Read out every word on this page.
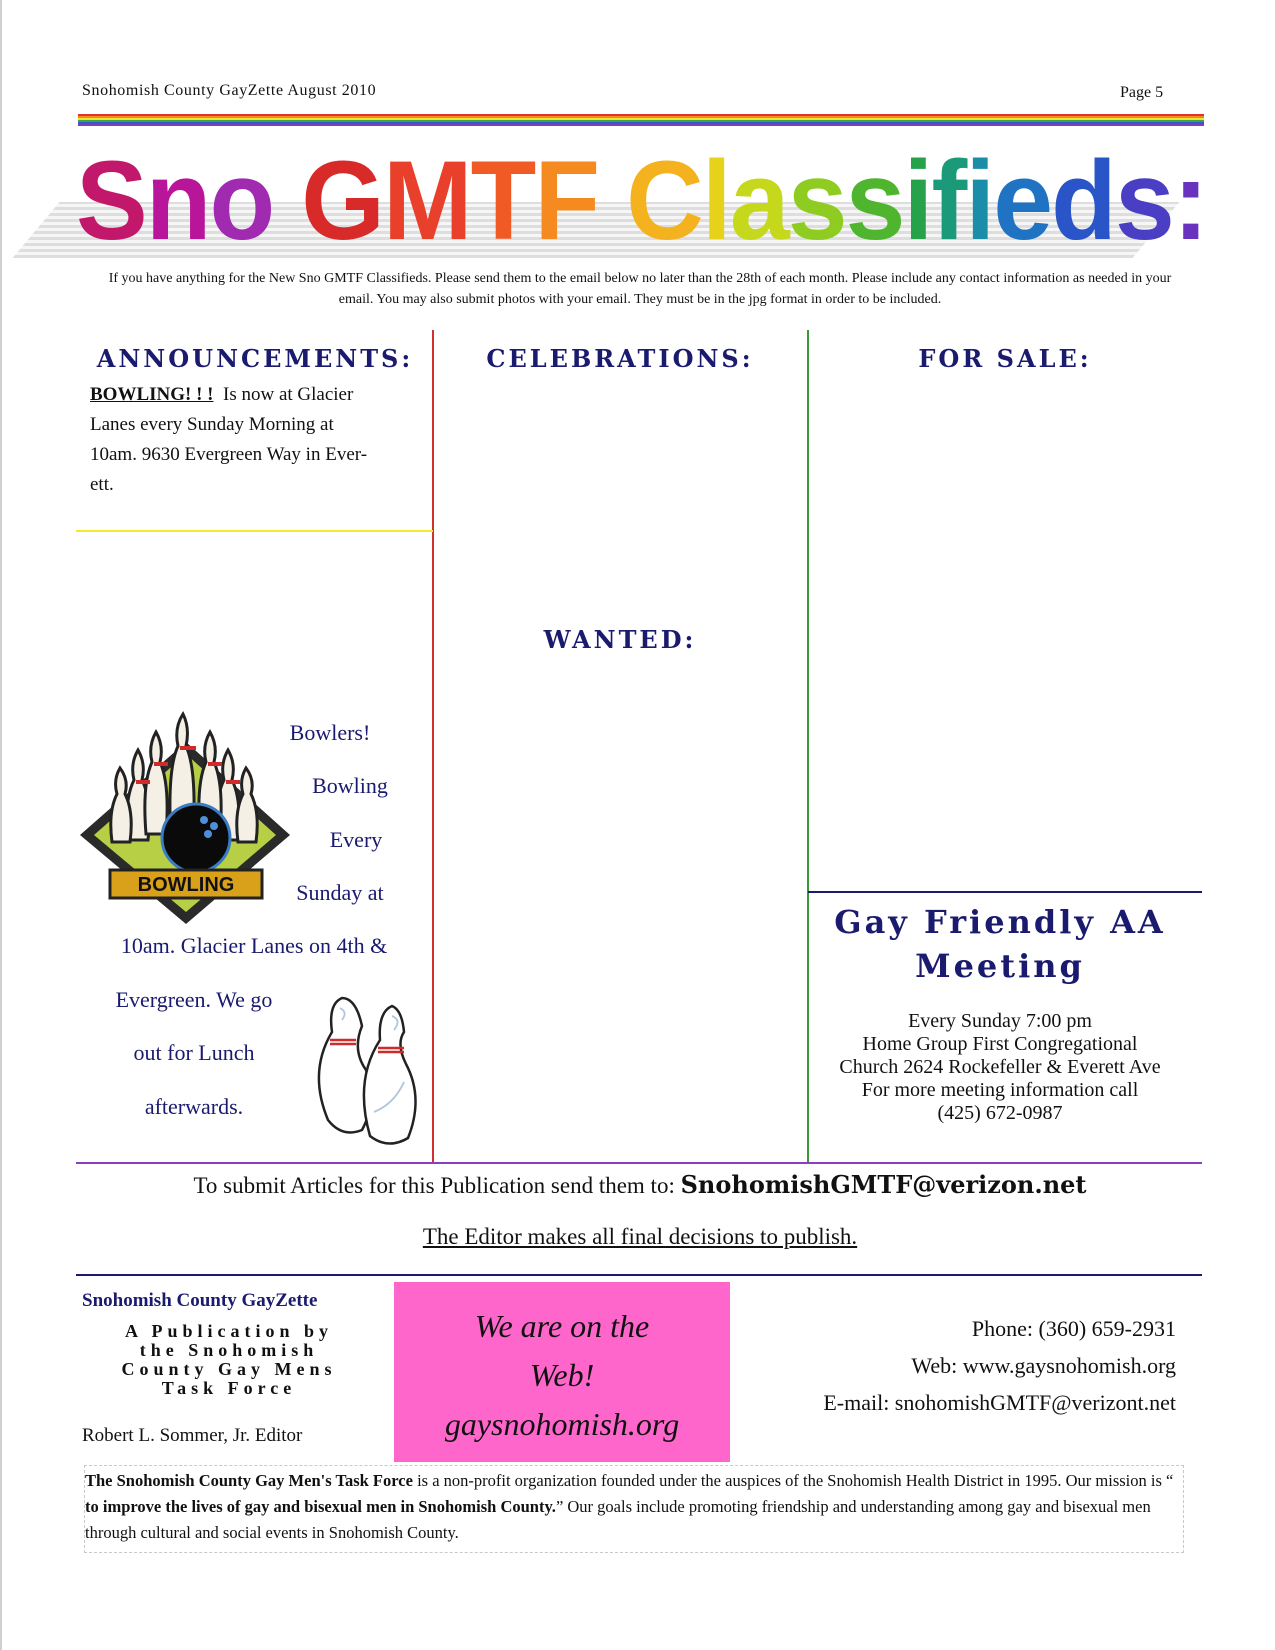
Snohomish County GayZette August 2010	Page 5
Sno GMTF Classifieds:
If you have anything for the New Sno GMTF Classifieds. Please send them to the email below no later than the 28th of each month. Please include any contact information as needed in your email. You may also submit photos with your email. They must be in the jpg format in order to be included.
ANNOUNCEMENTS:	CELEBRATIONS:	FOR SALE:
WANTED:
BOWLING! ! ! Is now at Glacier
Lanes every Sunday Morning at
10am. 9630 Evergreen Way in Ever-
ett.
BOWLING
Bowlers!
Bowling
Every
Sunday at
10am. Glacier Lanes on 4th &
Evergreen. We go
out for Lunch
afterwards.
Gay Friendly AA
Meeting
Every Sunday 7:00 pm
Home Group First Congregational
Church 2624 Rockefeller & Everett Ave
For more meeting information call
(425) 672-0987
To submit Articles for this Publication send them to: SnohomishGMTF@verizon.net
The Editor makes all final decisions to publish.
Snohomish County GayZette
A Publication by
the Snohomish
County Gay Mens
Task Force
Robert L. Sommer, Jr. Editor
We are on the
Web!
gaysnohomish.org
Phone: (360) 659-2931
Web: www.gaysnohomish.org
E-mail: snohomishGMTF@verizont.net
The Snohomish County Gay Men's Task Force is a non-profit organization founded under the auspices of the Snohomish Health District in 1995. Our mission is “ to improve the lives of gay and bisexual men in Snohomish County.” Our goals include promoting friendship and understanding among gay and bisexual men through cultural and social events in Snohomish County.
